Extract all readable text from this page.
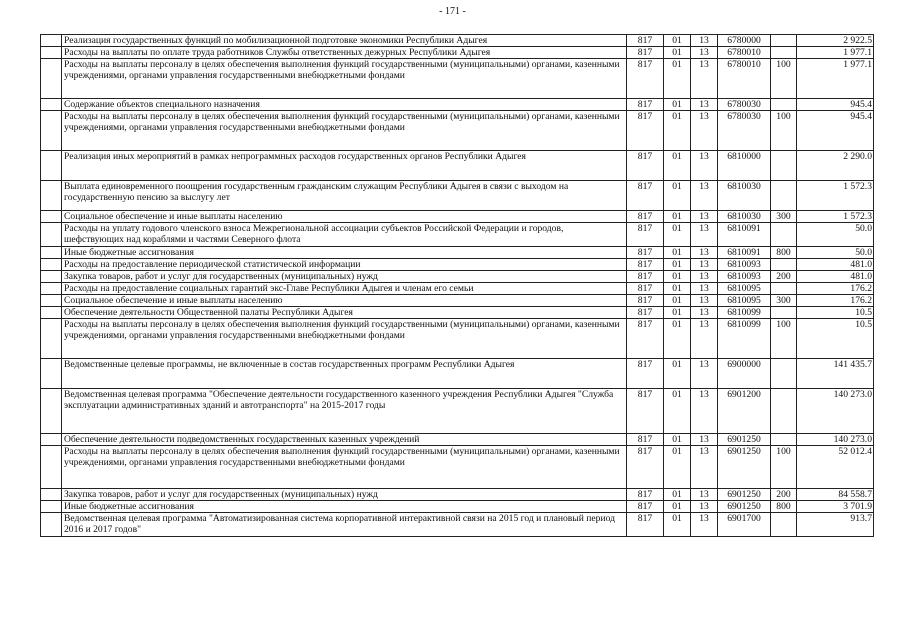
- 171 -
	Реализация государственных функций по мобилизационной подготовке экономики Республики Адыгея	817	01	13	6780000		2 922.5
	Расходы на выплаты по оплате труда работников Службы ответственных дежурных Республики Адыгея	817	01	13	6780010		1 977.1
	Расходы на выплаты персоналу в целях обеспечения выполнения функций государственными (муниципальными) органами, казенными учреждениями, органами управления государственными внебюджетными фондами	817	01	13	6780010	100	1 977.1
	Содержание объектов специального назначения	817	01	13	6780030		945.4
	Расходы на выплаты персоналу в целях обеспечения выполнения функций государственными (муниципальными) органами, казенными учреждениями, органами управления государственными внебюджетными фондами	817	01	13	6780030	100	945.4
	Реализация иных мероприятий в рамках непрограммных расходов государственных органов Республики Адыгея	817	01	13	6810000		2 290.0
	Выплата единовременного поощрения государственным гражданским служащим Республики Адыгея в связи с выходом на государственную пенсию за выслугу лет	817	01	13	6810030		1 572.3
	Социальное обеспечение и иные выплаты населению	817	01	13	6810030	300	1 572.3
	Расходы на уплату годового членского взноса Межрегиональной ассоциации субъектов Российской Федерации и городов, шефствующих над кораблями и частями Северного флота	817	01	13	6810091		50.0
	Иные бюджетные ассигнования	817	01	13	6810091	800	50.0
	Расходы на предоставление периодической статистической информации	817	01	13	6810093		481.0
	Закупка товаров, работ и услуг для государственных (муниципальных) нужд	817	01	13	6810093	200	481.0
	Расходы на предоставление социальных гарантий экс-Главе Республики Адыгея и членам его семьи	817	01	13	6810095		176.2
	Социальное обеспечение и иные выплаты населению	817	01	13	6810095	300	176.2
	Обеспечение деятельности Общественной палаты Республики Адыгея	817	01	13	6810099		10.5
	Расходы на выплаты персоналу в целях обеспечения выполнения функций государственными (муниципальными) органами, казенными учреждениями, органами управления государственными внебюджетными фондами	817	01	13	6810099	100	10.5
	Ведомственные целевые программы, не включенные в состав государственных программ Республики Адыгея	817	01	13	6900000		141 435.7
	Ведомственная целевая программа "Обеспечение деятельности государственного казенного учреждения Республики Адыгея "Служба эксплуатации административных зданий и автотранспорта" на 2015-2017 годы	817	01	13	6901200		140 273.0
	Обеспечение деятельности подведомственных государственных казенных учреждений	817	01	13	6901250		140 273.0
	Расходы на выплаты персоналу в целях обеспечения выполнения функций государственными (муниципальными) органами, казенными учреждениями, органами управления государственными внебюджетными фондами	817	01	13	6901250	100	52 012.4
	Закупка товаров, работ и услуг для государственных (муниципальных) нужд	817	01	13	6901250	200	84 558.7
	Иные бюджетные ассигнования	817	01	13	6901250	800	3 701.9
	Ведомственная целевая программа "Автоматизированная система корпоративной интерактивной связи на 2015 год и плановый период 2016 и 2017 годов"	817	01	13	6901700		913.7
